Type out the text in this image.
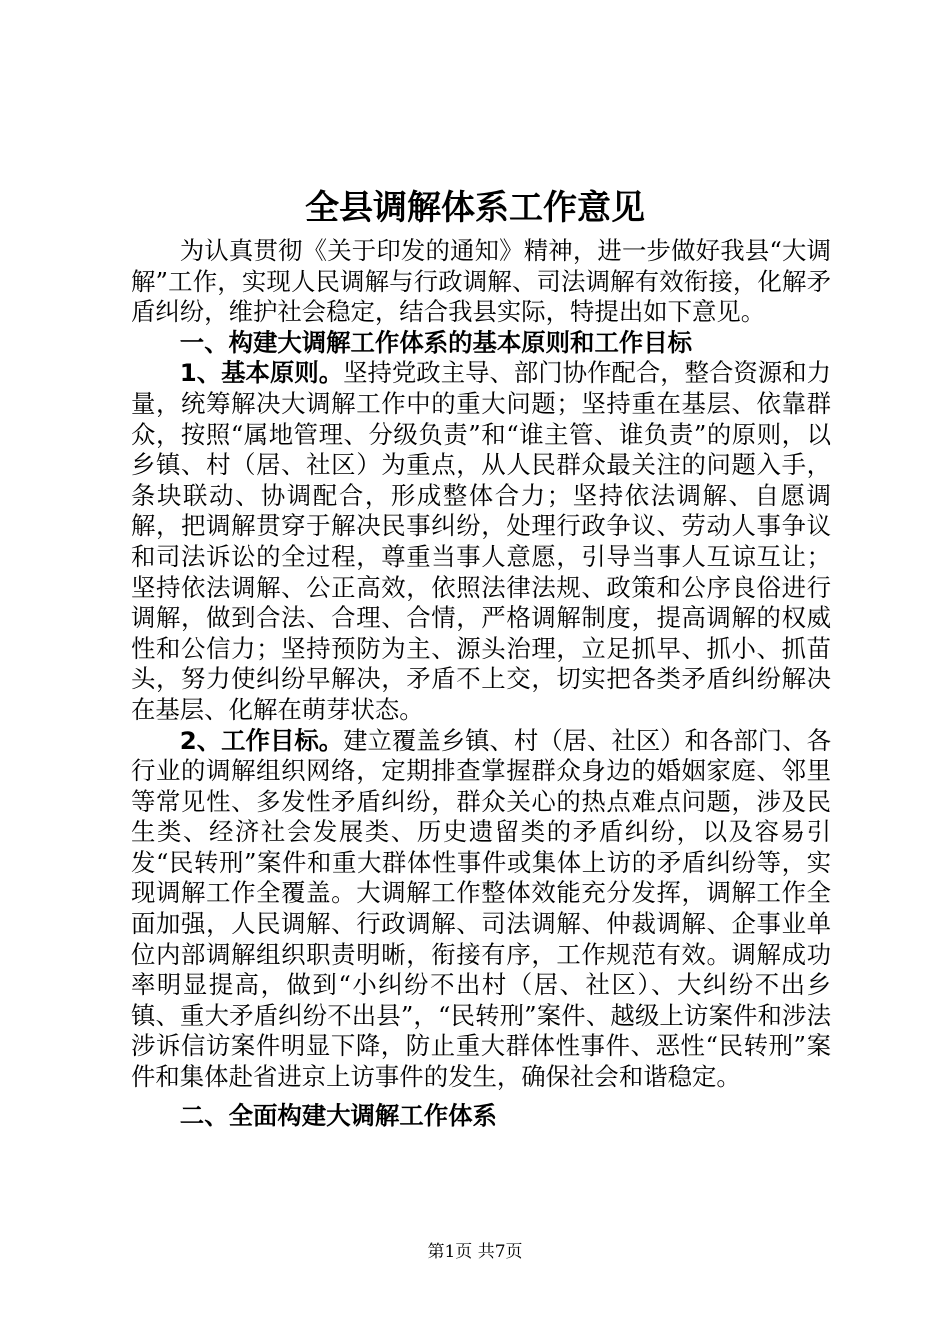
全县调解体系工作意见

为认真贯彻《关于印发的通知》精神，进一步做好我县“大调解”工作，实现人民调解与行政调解、司法调解有效衔接，化解矛盾纠纷，维护社会稳定，结合我县实际，特提出如下意见。

一、构建大调解工作体系的基本原则和工作目标

1、基本原则。坚持党政主导、部门协作配合，整合资源和力量，统筹解决大调解工作中的重大问题；坚持重在基层、依靠群众，按照“属地管理、分级负责”和“谁主管、谁负责”的原则，以乡镇、村（居、社区）为重点，从人民群众最关注的问题入手，条块联动、协调配合，形成整体合力；坚持依法调解、自愿调解，把调解贯穿于解决民事纠纷，处理行政争议、劳动人事争议和司法诉讼的全过程，尊重当事人意愿，引导当事人互谅互让；坚持依法调解、公正高效，依照法律法规、政策和公序良俗进行调解，做到合法、合理、合情，严格调解制度，提高调解的权威性和公信力；坚持预防为主、源头治理，立足抓早、抓小、抓苗头，努力使纠纷早解决，矛盾不上交，切实把各类矛盾纠纷解决在基层、化解在萌芽状态。

2、工作目标。建立覆盖乡镇、村（居、社区）和各部门、各行业的调解组织网络，定期排查掌握群众身边的婚姻家庭、邻里等常见性、多发性矛盾纠纷，群众关心的热点难点问题，涉及民生类、经济社会发展类、历史遗留类的矛盾纠纷，以及容易引发“民转刑”案件和重大群体性事件或集体上访的矛盾纠纷等，实现调解工作全覆盖。大调解工作整体效能充分发挥，调解工作全面加强，人民调解、行政调解、司法调解、仲裁调解、企事业单位内部调解组织职责明晰，衔接有序，工作规范有效。调解成功率明显提高，做到“小纠纷不出村（居、社区）、大纠纷不出乡镇、重大矛盾纠纷不出县”，“民转刑”案件、越级上访案件和涉法涉诉信访案件明显下降，防止重大群体性事件、恶性“民转刑”案件和集体赴省进京上访事件的发生，确保社会和谐稳定。

二、全面构建大调解工作体系

第1页 共7页
